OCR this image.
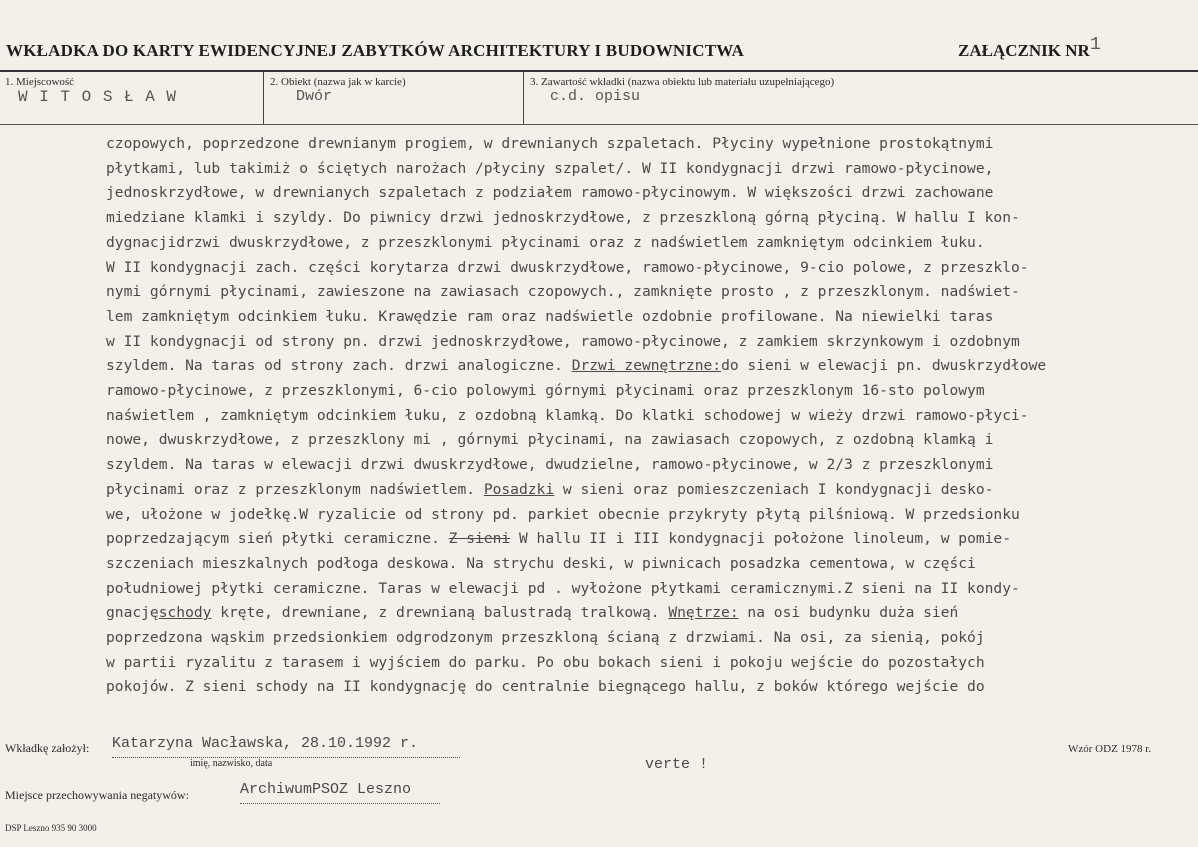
WKŁADKA DO KARTY EWIDENCYJNEJ ZABYTKÓW ARCHITEKTURY I BUDOWNICTWA	ZAŁĄCZNIK NR 1
1. Miejscowość
W I T O S Ł A W
2. Obiekt (nazwa jak w karcie)
Dwór
3. Zawartość wkładki (nazwa obiektu lub materiału uzupełniającego)
c.d. opisu
czopowych, poprzedzone drewnianym progiem, w drewnianych szpaletach. Płyciny wypełnione prostokątnymi
płytkami, lub takimiż o ściętych narożach /płyciny szpalet/. W II kondygnacji drzwi ramowo-płycinowe,
jednoskrzydłowe, w drewnianych szpaletach z podziałem ramowo-płycinowym. W większości drzwi zachowane
miedziane klamki i szyldy. Do piwnicy drzwi jednoskrzydłowe, z przeszkloną górną płyciną. W hallu I kon-
dygnacjidrzwi dwuskrzydłowe, z przeszklonymi płycinami oraz z nadświetlem zamkniętym odcinkiem łuku.
W II kondygnacji zach. części korytarza drzwi dwuskrzydłowe, ramowo-płycinowe, 9-cio polowe, z przeszklo-
nymi górnymi płycinami, zawieszone na zawiasach czopowych., zamknięte prosto , z przeszklonym. nadświet-
lem zamkniętym odcinkiem łuku. Krawędzie ram oraz nadświetle ozdobnie profilowane. Na niewielki taras
w II kondygnacji od strony pn. drzwi jednoskrzydłowe, ramowo-płycinowe, z zamkiem skrzynkowym i ozdobnym
szyldem. Na taras od strony zach. drzwi analogiczne. Drzwi zewnętrzne:do sieni w elewacji pn. dwuskrzydłowe
ramowo-płycinowe, z przeszklonymi, 6-cio polowymi górnymi płycinami oraz przeszklonym 16-sto polowym
naświetlem , zamkniętym odcinkiem łuku, z ozdobną klamką. Do klatki schodowej w wieży drzwi ramowo-płyci-
nowe, dwuskrzydłowe, z przeszklony mi , górnymi płycinami, na zawiasach czopowych, z ozdobną klamką i
szyldem. Na taras w elewacji drzwi dwuskrzydłowe, dwudzielne, ramowo-płycinowe, w 2/3 z przeszklonymi
płycinami oraz z przeszklonym nadświetlem. Posadzki w sieni oraz pomieszczeniach I kondygnacji desko-
we, ułożone w jodełkę.W ryzalicie od strony pd. parkiet obecnie przykryty płytą pilśniową. W przedsionku
poprzedzającym sień płytki ceramiczne. Z sieni W hallu II i III kondygnacji położone linoleum, w pomie-
szczeniach mieszkalnych podłoga deskowa. Na strychu deski, w piwnicach posadzka cementowa, w części
południowej płytki ceramiczne. Taras w elewacji pd . wyłożone płytkami ceramicznymi.Z sieni na II kondy-
gnacjęschody kręte, drewniane, z drewnianą balustradą tralkową. Wnętrze: na osi budynku duża sień
poprzedzona wąskim przedsionkiem odgrodzonym przeszkloną ścianą z drzwiami. Na osi, za sienią, pokój
w partii ryzalitu z tarasem i wyjściem do parku. Po obu bokach sieni i pokoju wejście do pozostałych
pokojów. Z sieni schody na II kondygnację do centralnie biegnącego hallu, z boków którego wejście do
Wkładkę założył: Katarzyna Wacławska, 28.10.1992 r.
imię, nazwisko, data	verte !
Wzór ODZ 1978 r.
Miejsce przechowywania negatywów:	ArchiwumPSOZ Leszno
DSP Leszno 935 90 3000
